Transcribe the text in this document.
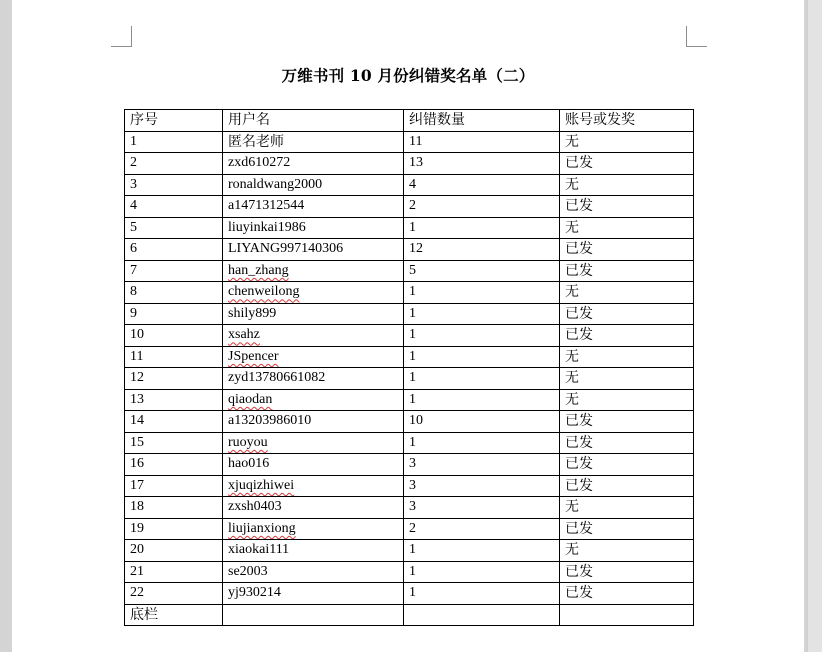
万维书刊 10 月份纠错奖名单（二）
序号	用户名	纠错数量	账号或发奖
1	匿名老师	11	无
2	zxd610272	13	已发
3	ronaldwang2000	4	无
4	a1471312544	2	已发
5	liuyinkai1986	1	无
6	LIYANG997140306	12	已发
7	han_zhang	5	已发
8	chenweilong	1	无
9	shily899	1	已发
10	xsahz	1	已发
11	JSpencer	1	无
12	zyd13780661082	1	无
13	qiaodan	1	无
14	a13203986010	10	已发
15	ruoyou	1	已发
16	hao016	3	已发
17	xjuqizhiwei	3	已发
18	zxsh0403	3	无
19	liujianxiong	2	已发
20	xiaokai111	1	无
21	se2003	1	已发
22	yj930214	1	已发
底栏			
